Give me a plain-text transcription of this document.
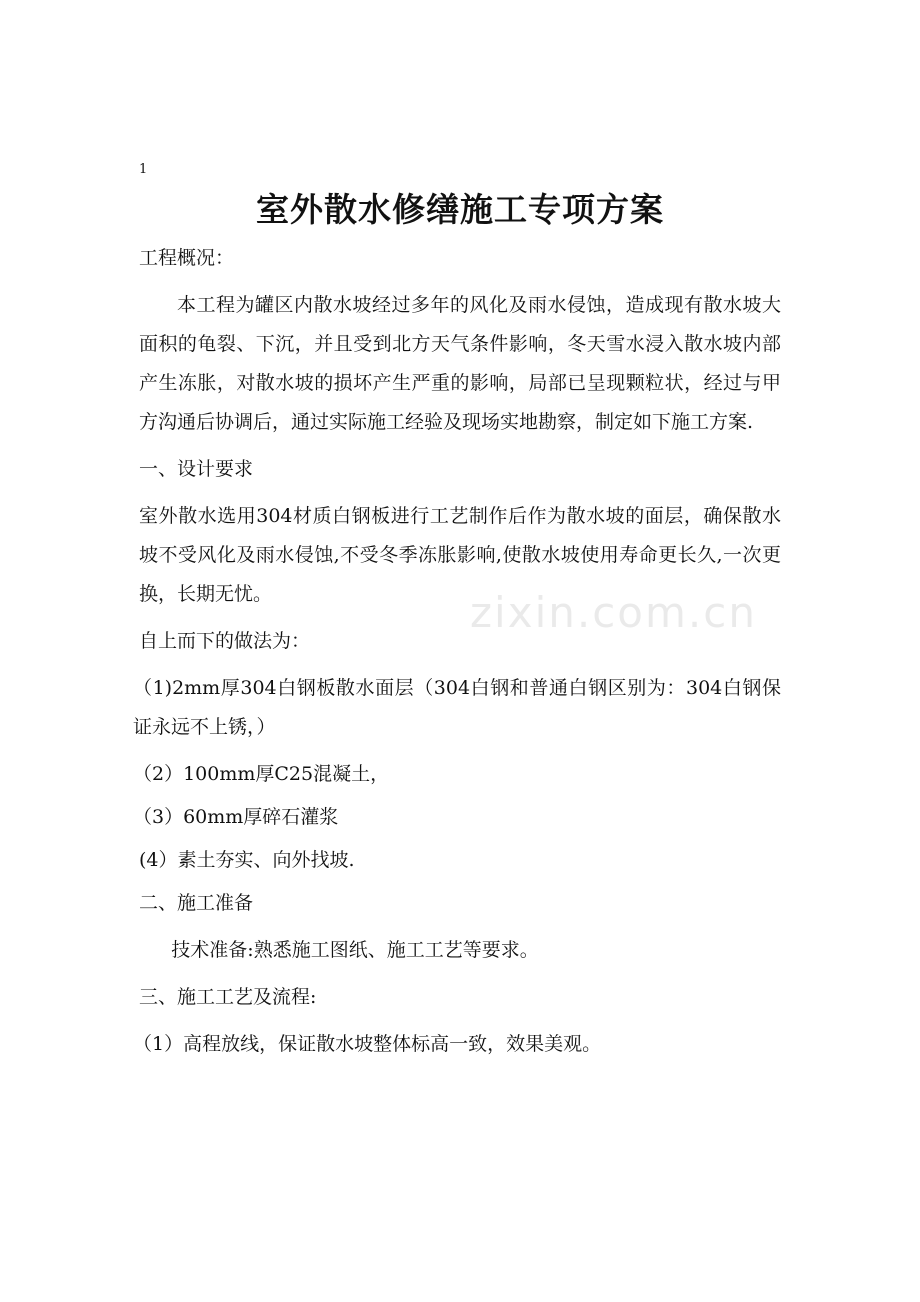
1
室外散水修缮施工专项方案
zixin.com.cn

工程概况：

本工程为罐区内散水坡经过多年的风化及雨水侵蚀，造成现有散水坡大面积的龟裂、下沉，并且受到北方天气条件影响，冬天雪水浸入散水坡内部产生冻胀，对散水坡的损坏产生严重的影响，局部已呈现颗粒状，经过与甲方沟通后协调后，通过实际施工经验及现场实地勘察，制定如下施工方案.

一、设计要求

室外散水选用304材质白钢板进行工艺制作后作为散水坡的面层，确保散水坡不受风化及雨水侵蚀,不受冬季冻胀影响,使散水坡使用寿命更长久,一次更换，长期无忧。

自上而下的做法为：

（1)2mm厚304白钢板散水面层（304白钢和普通白钢区别为：304白钢保证永远不上锈，）

（2）100mm厚C25混凝土，

（3）60mm厚碎石灌浆

(4）素土夯实、向外找坡.

二、施工准备

技术准备:熟悉施工图纸、施工工艺等要求。

三、施工工艺及流程:

（1）高程放线，保证散水坡整体标高一致，效果美观。
